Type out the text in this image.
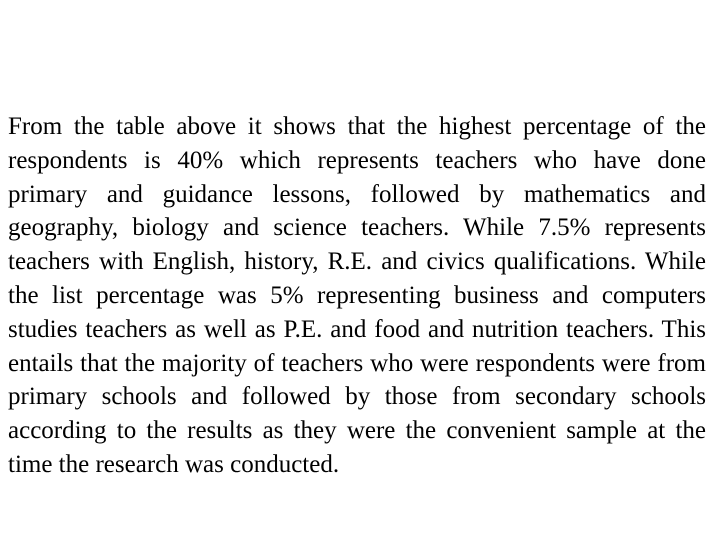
From the table above it shows that the highest percentage of the respondents is 40% which represents teachers who have done primary and guidance lessons, followed by mathematics and geography, biology and science teachers. While 7.5% represents teachers with English, history, R.E. and civics qualifications. While the list percentage was 5% representing business and computers studies teachers as well as P.E. and food and nutrition teachers. This entails that the majority of teachers who were respondents were from primary schools and followed by those from secondary schools according to the results as they were the convenient sample at the time the research was conducted.
